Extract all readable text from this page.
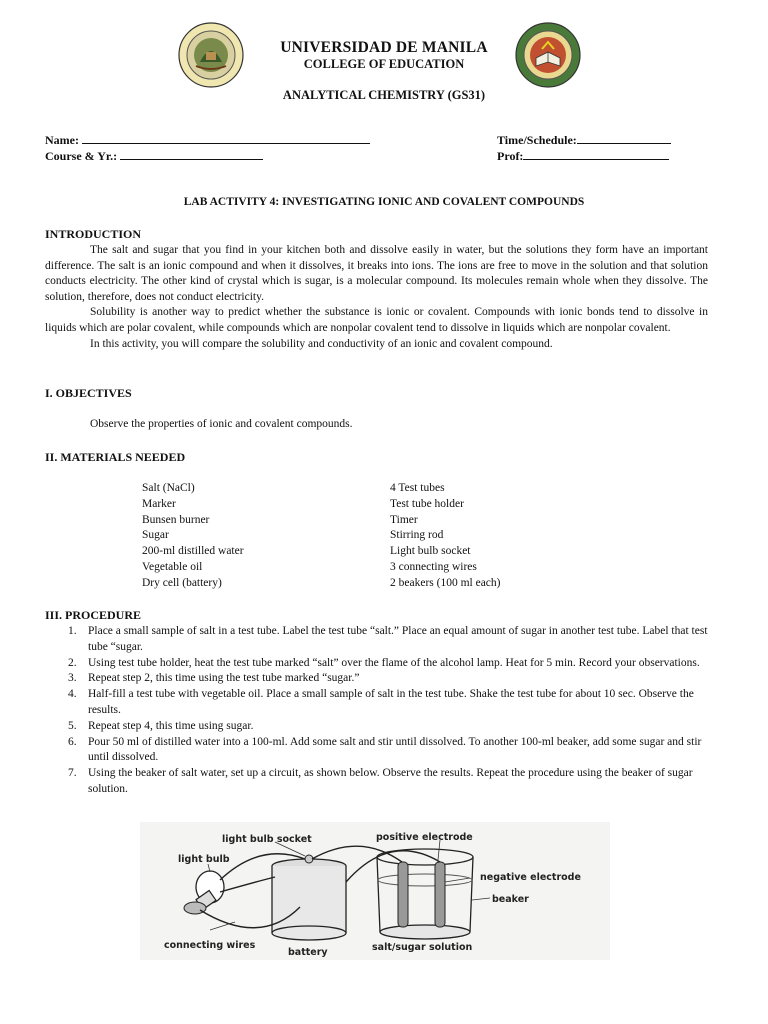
UNIVERSIDAD DE MANILA
COLLEGE OF EDUCATION
ANALYTICAL CHEMISTRY (GS31)
Name:
Course & Yr.:
Time/Schedule:
Prof:
LAB ACTIVITY 4: INVESTIGATING IONIC AND COVALENT COMPOUNDS
INTRODUCTION

The salt and sugar that you find in your kitchen both and dissolve easily in water, but the solutions they form have an important difference. The salt is an ionic compound and when it dissolves, it breaks into ions. The ions are free to move in the solution and that solution conducts electricity. The other kind of crystal which is sugar, is a molecular compound. Its molecules remain whole when they dissolve. The solution, therefore, does not conduct electricity.

Solubility is another way to predict whether the substance is ionic or covalent. Compounds with ionic bonds tend to dissolve in liquids which are polar covalent, while compounds which are nonpolar covalent tend to dissolve in liquids which are nonpolar covalent.

In this activity, you will compare the solubility and conductivity of an ionic and covalent compound.

I. OBJECTIVES
Observe the properties of ionic and covalent compounds.
II. MATERIALS NEEDED
Salt (NaCl)
Marker
Bunsen burner
Sugar
200-ml distilled water
Vegetable oil
Dry cell (battery)
4 Test tubes
Test tube holder
Timer
Stirring rod
Light bulb socket
3 connecting wires
2 beakers (100 ml each)
III. PROCEDURE
1. Place a small sample of salt in a test tube. Label the test tube “salt.” Place an equal amount of sugar in another test tube. Label that test tube “sugar.
2. Using test tube holder, heat the test tube marked “salt” over the flame of the alcohol lamp. Heat for 5 min. Record your observations.
3. Repeat step 2, this time using the test tube marked “sugar.”
4. Half-fill a test tube with vegetable oil. Place a small sample of salt in the test tube. Shake the test tube for about 10 sec. Observe the results.
5. Repeat step 4, this time using sugar.
6. Pour 50 ml of distilled water into a 100-ml. Add some salt and stir until dissolved. To another 100-ml beaker, add some sugar and stir until dissolved.
7. Using the beaker of salt water, set up a circuit, as shown below. Observe the results. Repeat the procedure using the beaker of sugar solution.
light bulb socket
light bulb
connecting wires
battery
positive electrode
negative electrode
beaker
salt/sugar solution
